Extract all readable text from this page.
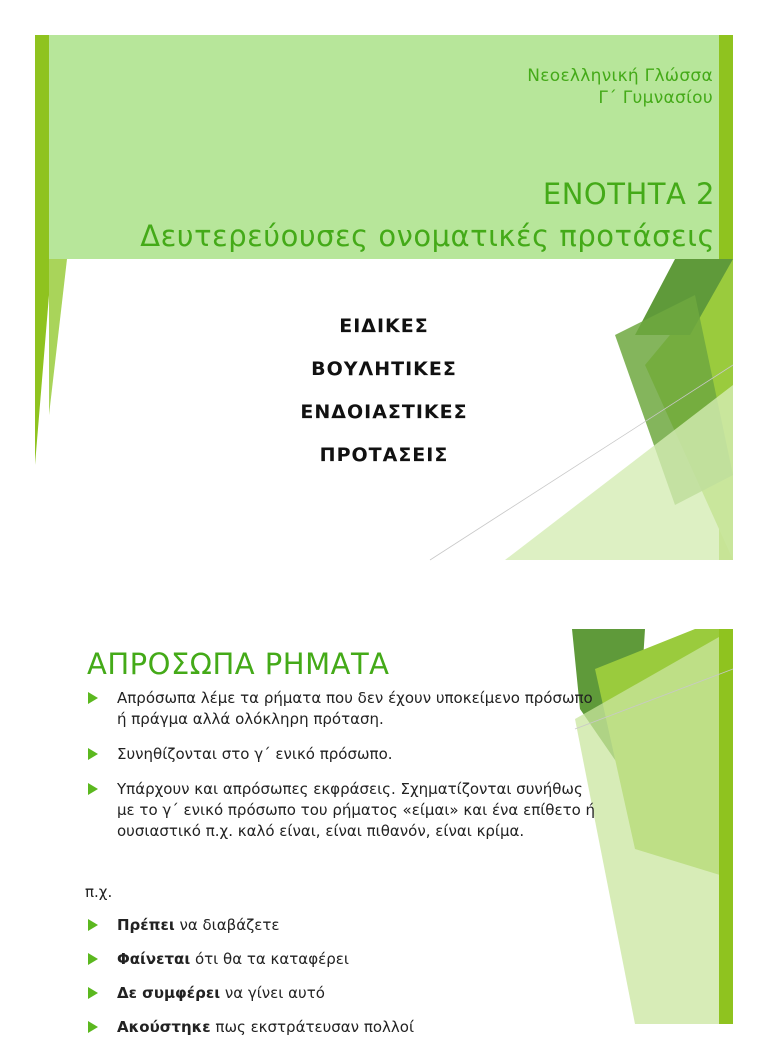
Νεοελληνική Γλώσσα
Γ΄ Γυμνασίου
ΕΝΟΤΗΤΑ 2
Δευτερεύουσες ονοματικές προτάσεις
ΕΙΔΙΚΕΣ
ΒΟΥΛΗΤΙΚΕΣ
ΕΝΔΟΙΑΣΤΙΚΕΣ
ΠΡΟΤΑΣΕΙΣ
ΑΠΡΟΣΩΠΑ ΡΗΜΑΤΑ
Απρόσωπα λέμε τα ρήματα που δεν έχουν υποκείμενο πρόσωπο ή πράγμα αλλά ολόκληρη πρόταση.
Συνηθίζονται στο γ΄ ενικό πρόσωπο.
Υπάρχουν και απρόσωπες εκφράσεις. Σχηματίζονται συνήθως με το γ΄ ενικό πρόσωπο του ρήματος «είμαι» και ένα επίθετο ή ουσιαστικό π.χ. καλό είναι, είναι πιθανόν, είναι κρίμα.
π.χ.
Πρέπει να διαβάζετε
Φαίνεται ότι θα τα καταφέρει
Δε συμφέρει να γίνει αυτό
Ακούστηκε πως εκστράτευσαν πολλοί
